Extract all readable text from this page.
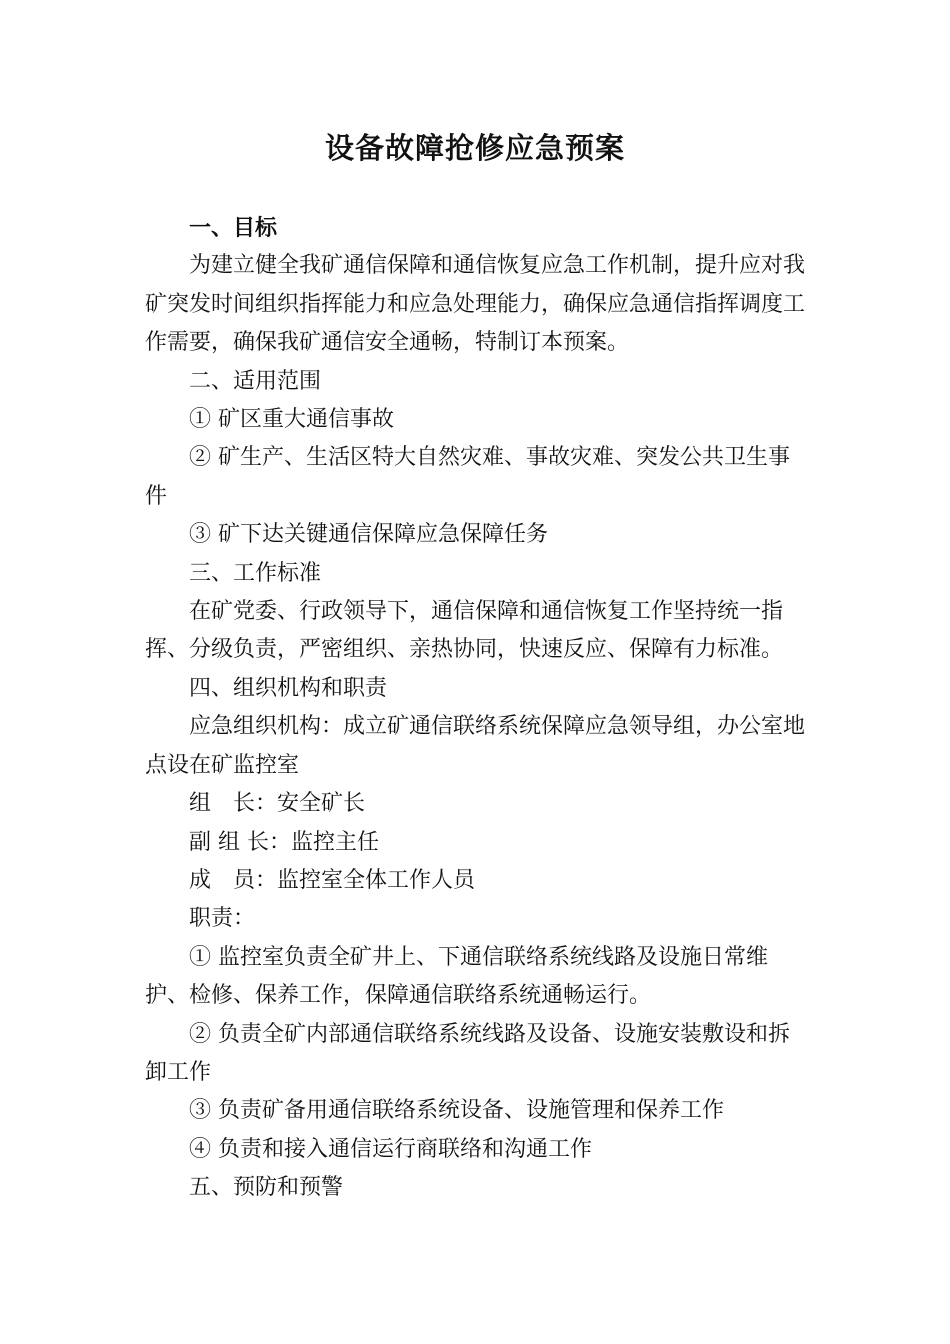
设备故障抢修应急预案

一、目标

为建立健全我矿通信保障和通信恢复应急工作机制，提升应对我矿突发时间组织指挥能力和应急处理能力，确保应急通信指挥调度工作需要，确保我矿通信安全通畅，特制订本预案。

二、适用范围

① 矿区重大通信事故

② 矿生产、生活区特大自然灾难、事故灾难、突发公共卫生事件

③ 矿下达关键通信保障应急保障任务

三、工作标准

在矿党委、行政领导下，通信保障和通信恢复工作坚持统一指挥、分级负责，严密组织、亲热协同，快速反应、保障有力标准。

四、组织机构和职责

应急组织机构：成立矿通信联络系统保障应急领导组，办公室地点设在矿监控室

组　长：安全矿长

副 组 长：监控主任

成　员：监控室全体工作人员

职责：

① 监控室负责全矿井上、下通信联络系统线路及设施日常维护、检修、保养工作，保障通信联络系统通畅运行。

② 负责全矿内部通信联络系统线路及设备、设施安装敷设和拆卸工作

③ 负责矿备用通信联络系统设备、设施管理和保养工作

④ 负责和接入通信运行商联络和沟通工作

五、预防和预警
